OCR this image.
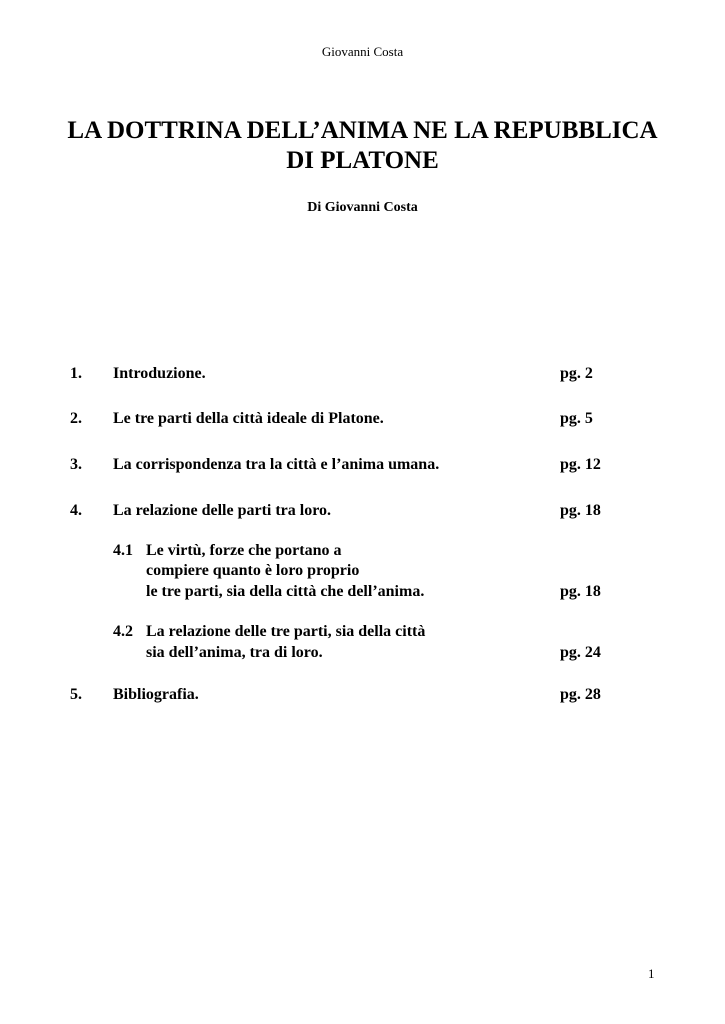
Giovanni Costa
LA DOTTRINA DELL’ANIMA NE LA REPUBBLICA
DI PLATONE
Di Giovanni Costa
1. Introduzione.	pg. 2
2. Le tre parti della città ideale di Platone.	pg. 5
3. La corrispondenza tra la città e l’anima umana.	pg. 12
4. La relazione delle parti tra loro.	pg. 18
4.1 Le virtù, forze che portano a
compiere quanto è loro proprio
le tre parti, sia della città che dell’anima.	pg. 18
4.2 La relazione delle tre parti, sia della città
sia dell’anima, tra di loro.	pg. 24
5. Bibliografia.	pg. 28
1
